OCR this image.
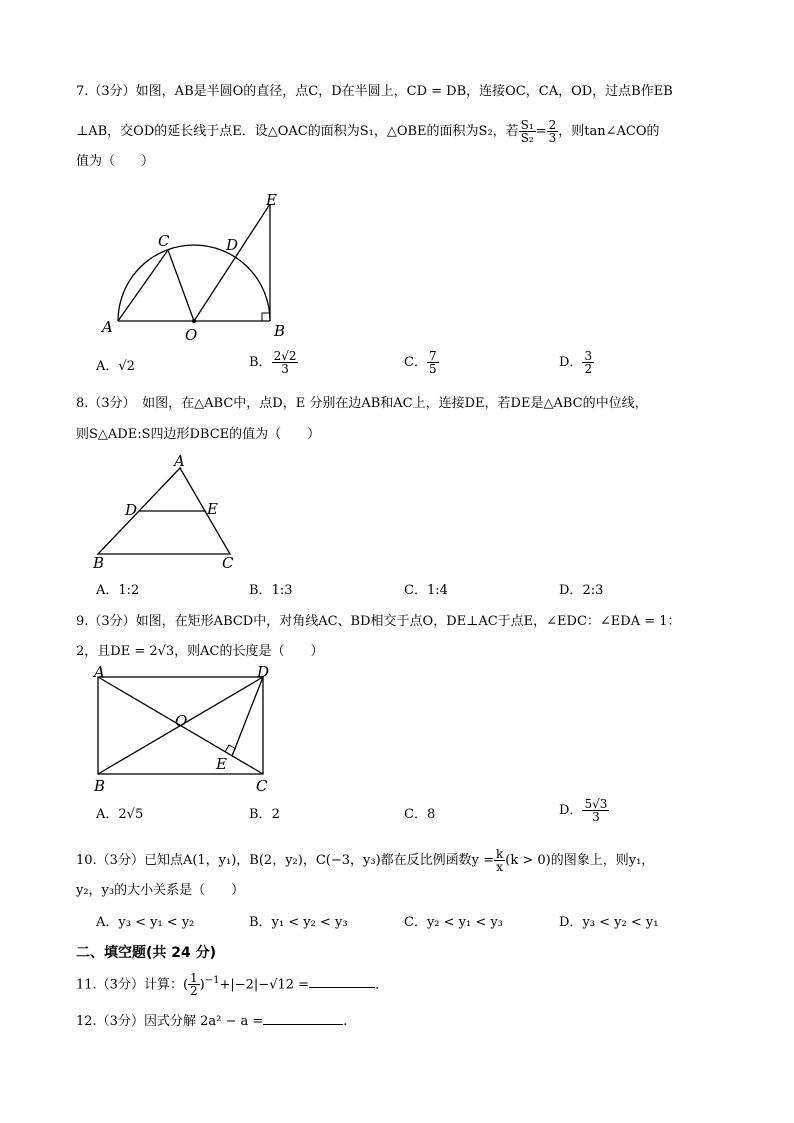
7.（3分）如图，AB是半圆O的直径，点C，D在半圆上，CD = DB，连接OC，CA，OD，过点B作EB
⊥AB，交OD的延长线于点E．设△OAC的面积为S₁，△OBE的面积为S₂，若 $\frac{\text{S₁}}{\text{S₂}} = \frac{2}{3}$ ，则tan∠ACO的
值为（　　）
A	B
C	D
E
O
A．√2	B． $\frac{2√2}{3}$	C． $\frac{7}{5}$	D． $\frac{3}{2}$
8.（3分）　如图，在△ABC中，点D，E 分别在边AB和AC上，连接DE，若DE是△ABC的中位线，
则S△ADE:S四边形DBCE的值为（　　）
A
B	C
D	E
A．1:2	B．1:3	C．1:4	D．2:3
9.（3分）如图，在矩形ABCD中，对角线AC、BD相交于点O，DE⊥AC于点E，∠EDC：∠EDA = 1：
2，且DE = 2√3，则AC的长度是（　　）
A
B	C
D
E
O
A．2√5	B．2	C．8	D． $\frac{5√3}{3}$
10.（3分）已知点A(1，y₁)，B(2，y₂)，C(−3，y₃)都在反比例函数$y = \frac{k}{x} (k > 0)$的图象上，则y₁，
y₂，y₃的大小关系是（　　）
A．y₃ < y₁ < y₂	B．y₁ < y₂ < y₃	C．y₂ < y₁ < y₃	D．y₃ < y₂ < y₁
二、填空题(共 24 分)
11.（3分）计算：( $\frac{1}{2} )^{-1}+|-2|-√12$ =	．
12.（3分）因式分解 2a² − a =	.
